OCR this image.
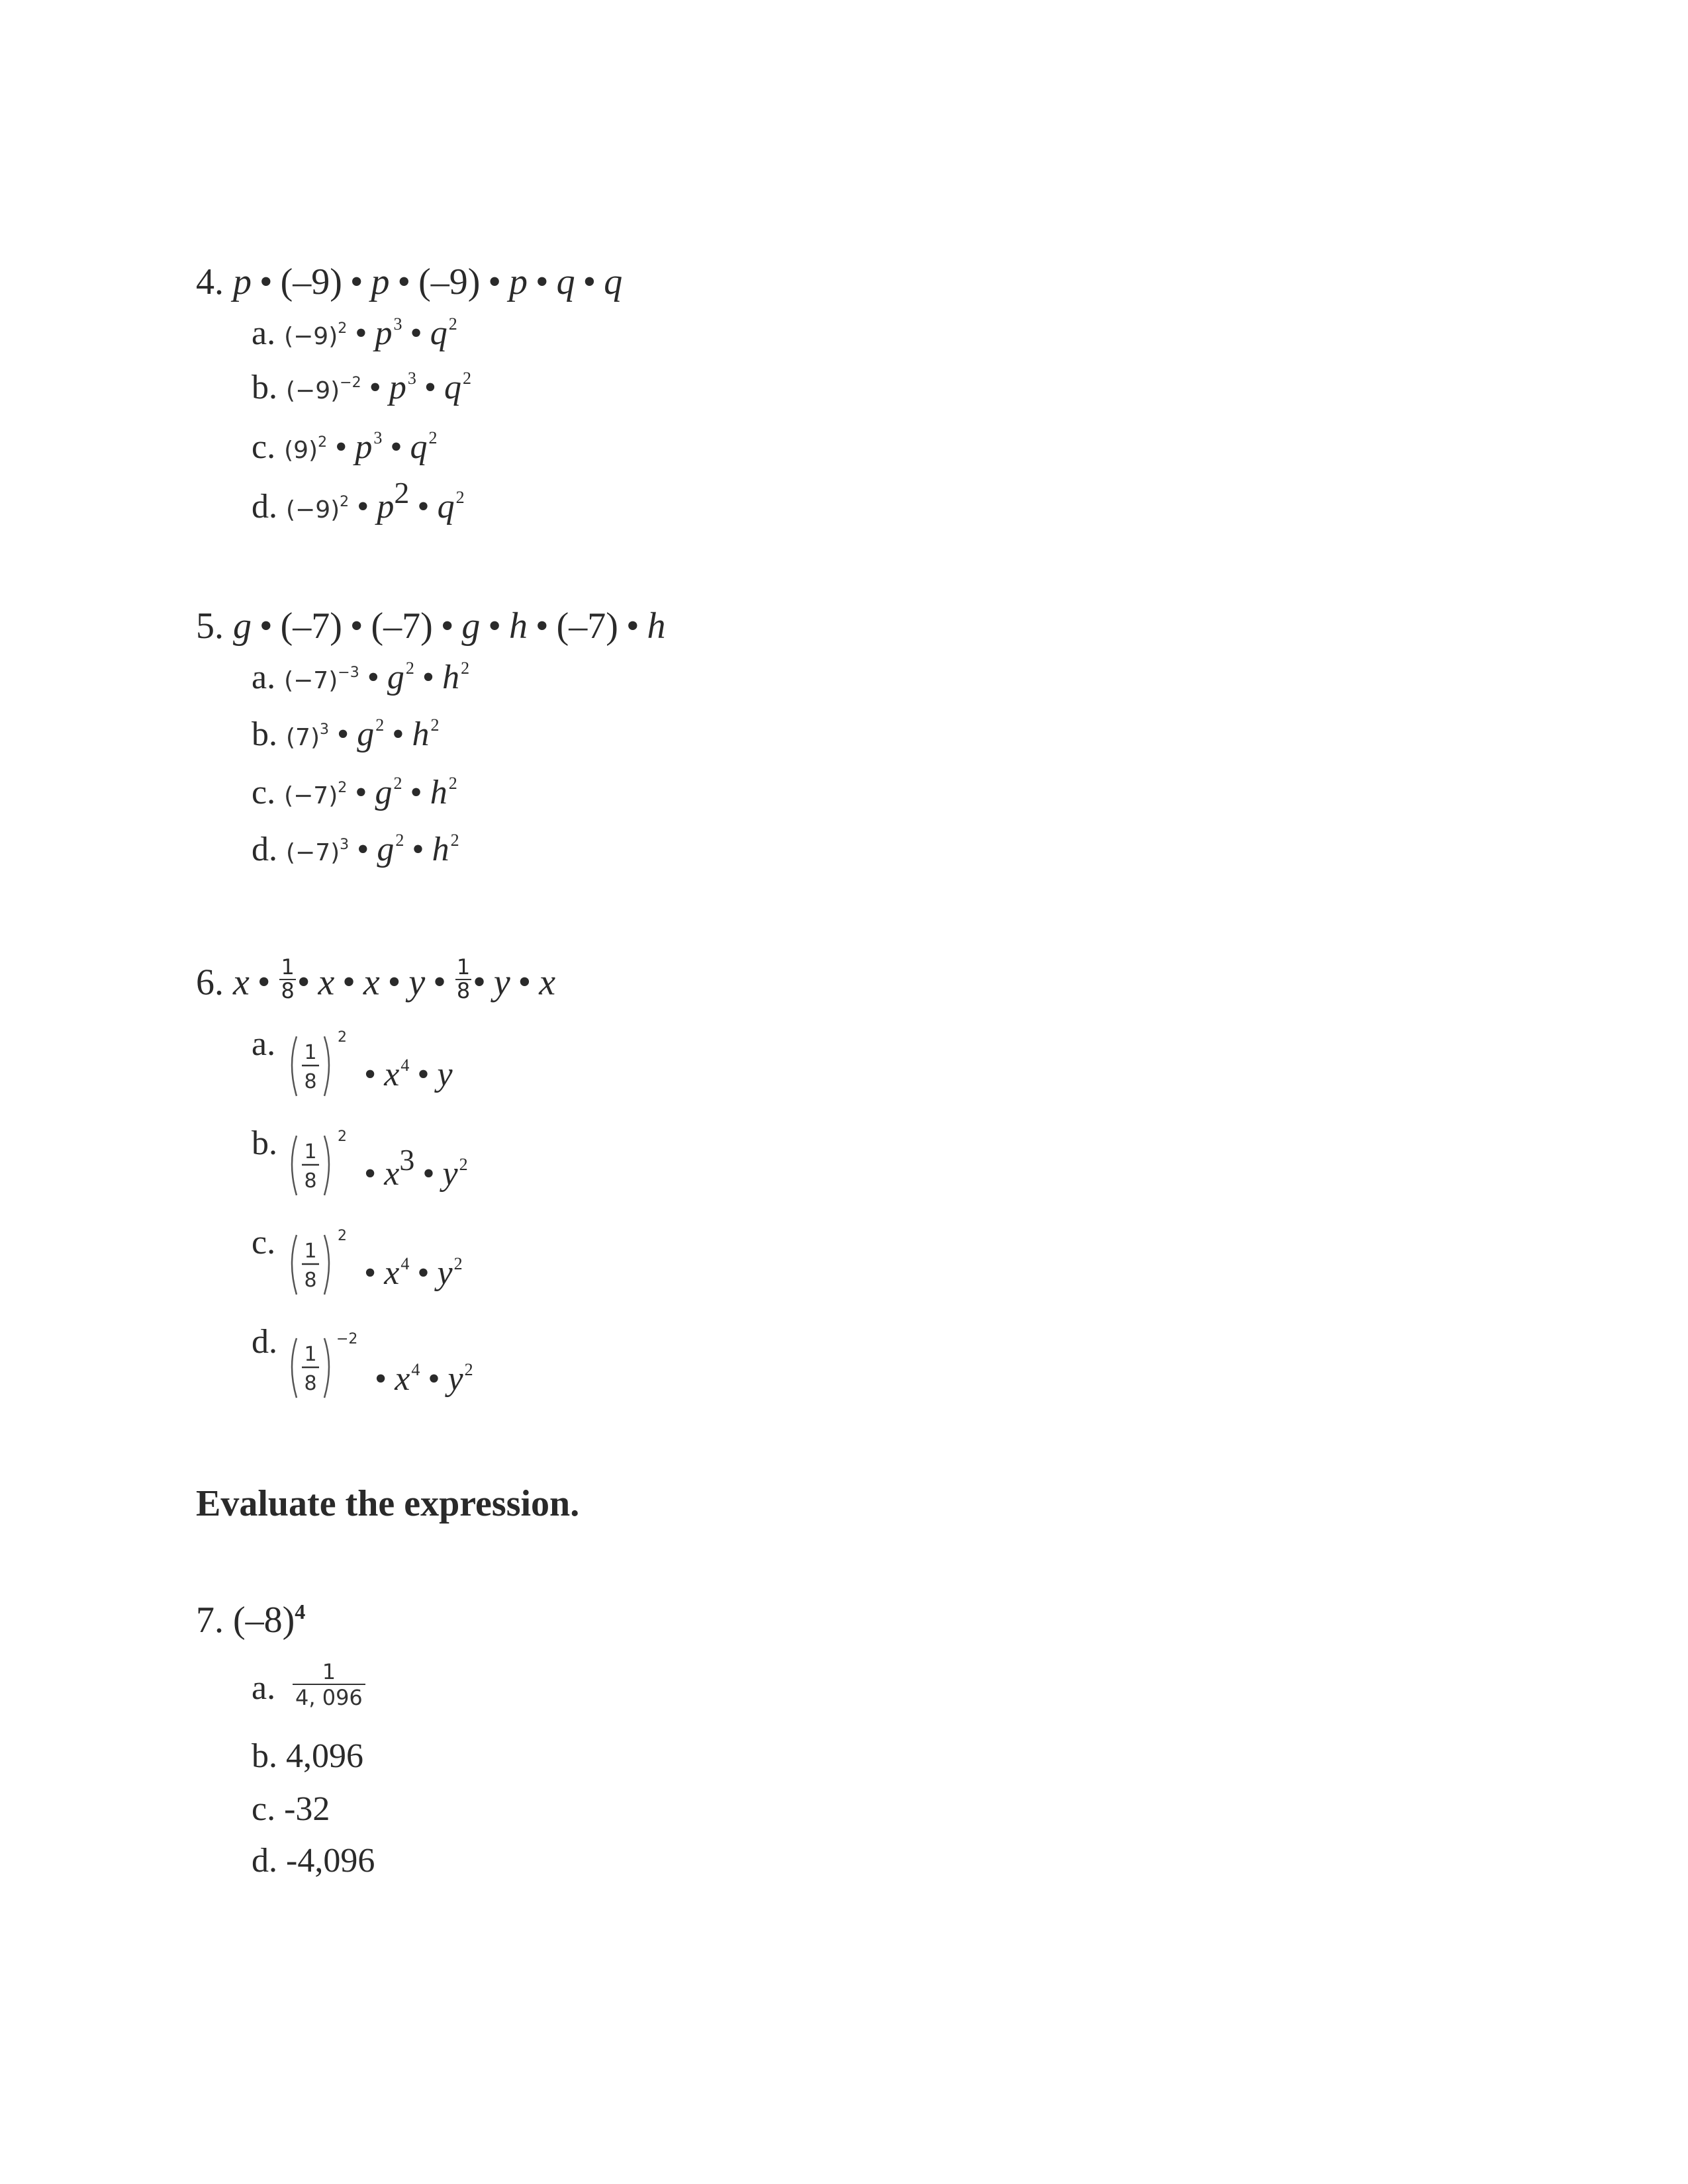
4. p • (–9) • p • (–9) • p • q • q
a. $(-9)^2$ • $p^3$ • $q^2$
b. $(-9)^{-2}$ • $p^3$ • $q^2$
c. $(9)^2$ • $p^3$ • $q^2$
d. $(-9)^2$ • $p^2$ • $q^2$
5. g • (–7) • (–7) • g • h • (–7) • h
a. $(-7)^{-3}$ • $g^2$ • $h^2$
b. $(7)^3$ • $g^2$ • $h^2$
c. $(-7)^2$ • $g^2$ • $h^2$
d. $(-7)^3$ • $g^2$ • $h^2$
6. x • $\frac{1}{8}$ • x • x • y • $\frac{1}{8}$ • y • x
a. 1
8
2
• $x^4$ • y
b. 1
8
2
• $x^3$ • $y^2$
c. 1
8
2
• $x^4$ • $y^2$
d. 1
8
−2
• $x^4$ • $y^2$
Evaluate the expression.
7. $(-8)^4$
a.	1
4, 096
b. 4,096
c. -32
d. -4,096
